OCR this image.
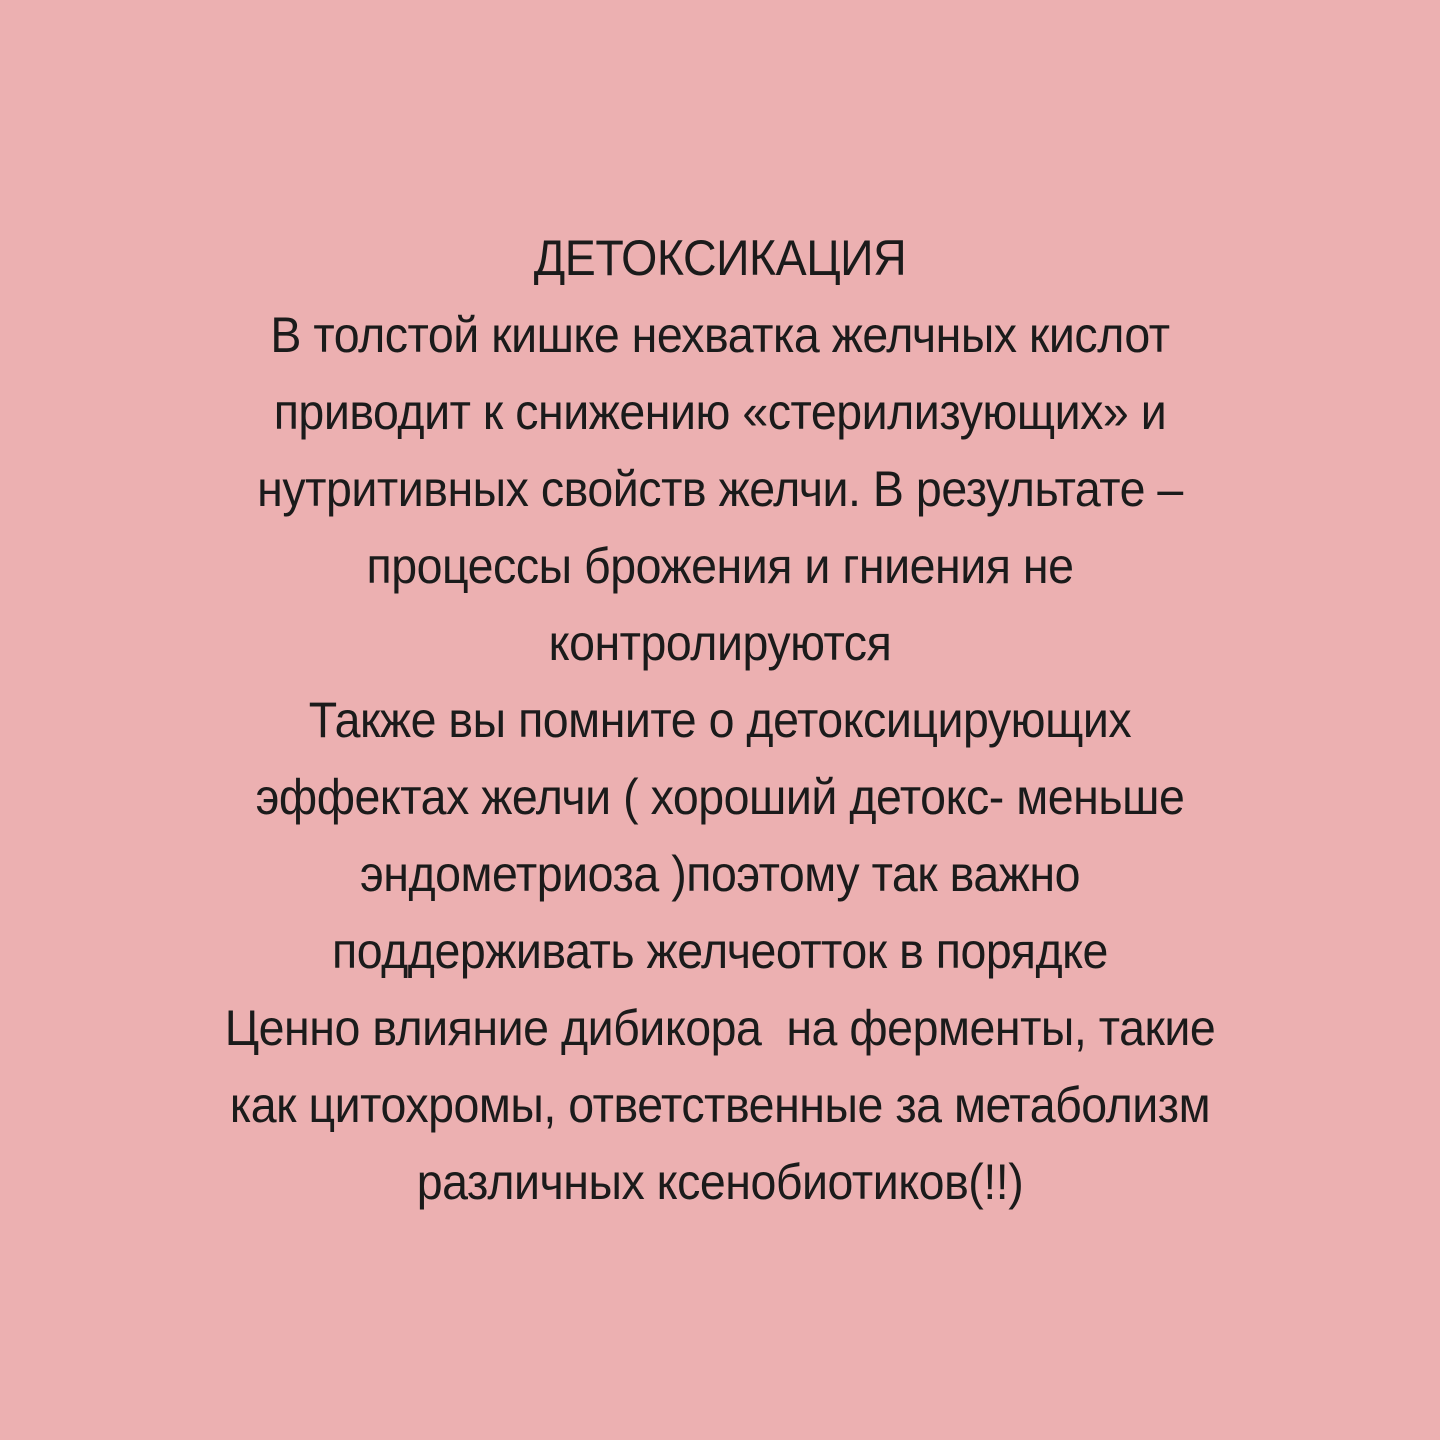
ДЕТОКСИКАЦИЯ
В толстой кишке нехватка желчных кислот
приводит к снижению «стерилизующих» и
нутритивных свойств желчи. В результате –
процессы брожения и гниения не
контролируются
Также вы помните о детоксицирующих
эффектах желчи ( хороший детокс- меньше
эндометриоза )поэтому так важно
поддерживать желчеотток в порядке
Ценно влияние дибикора  на ферменты, такие
как цитохромы, ответственные за метаболизм
различных ксенобиотиков(!!)
